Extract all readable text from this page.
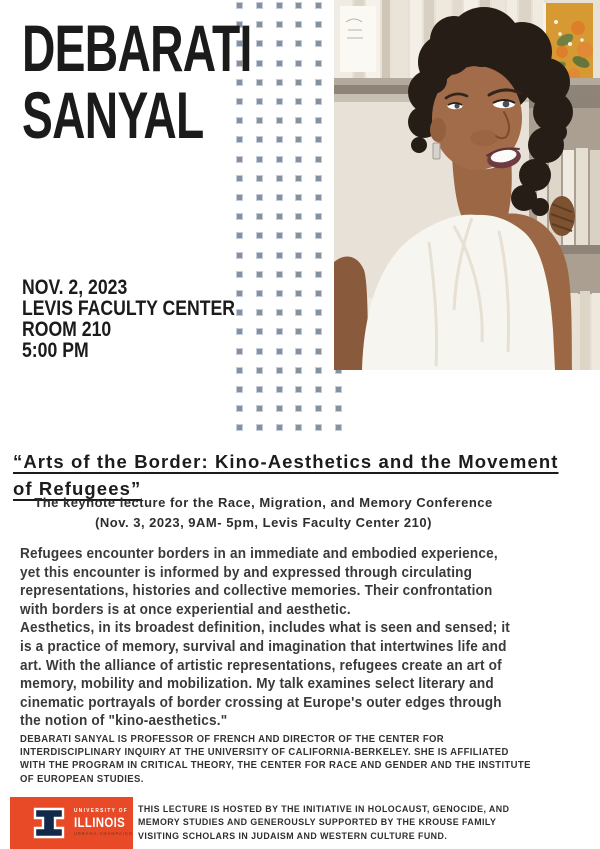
DEBARATI
SANYAL
NOV. 2, 2023
LEVIS FACULTY CENTER
ROOM 210
5:00 PM
“Arts of the Border: Kino-Aesthetics and the Movement
of Refugees”
The keynote lecture for the Race, Migration, and Memory Conference
(Nov. 3, 2023, 9AM- 5pm, Levis Faculty Center 210)
Refugees encounter borders in an immediate and embodied experience,
yet this encounter is informed by and expressed through circulating
representations, histories and collective memories. Their confrontation
with borders is at once experiential and aesthetic.
Aesthetics, in its broadest definition, includes what is seen and sensed; it
is a practice of memory, survival and imagination that intertwines life and
art. With the alliance of artistic representations, refugees create an art of
memory, mobility and mobilization. My talk examines select literary and
cinematic portrayals of border crossing at Europe's outer edges through
the notion of "kino-aesthetics."
DEBARATI SANYAL IS PROFESSOR OF FRENCH AND DIRECTOR OF THE CENTER FOR
INTERDISCIPLINARY INQUIRY AT THE UNIVERSITY OF CALIFORNIA-BERKELEY. SHE IS AFFILIATED
WITH THE PROGRAM IN CRITICAL THEORY, THE CENTER FOR RACE AND GENDER AND THE INSTITUTE
OF EUROPEAN STUDIES.
UNIVERSITY OF
ILLINOIS
URBANA-CHAMPAIGN
THIS LECTURE IS HOSTED BY THE INITIATIVE IN HOLOCAUST, GENOCIDE, AND
MEMORY STUDIES AND GENEROUSLY SUPPORTED BY THE KROUSE FAMILY
VISITING SCHOLARS IN JUDAISM AND WESTERN CULTURE FUND.
